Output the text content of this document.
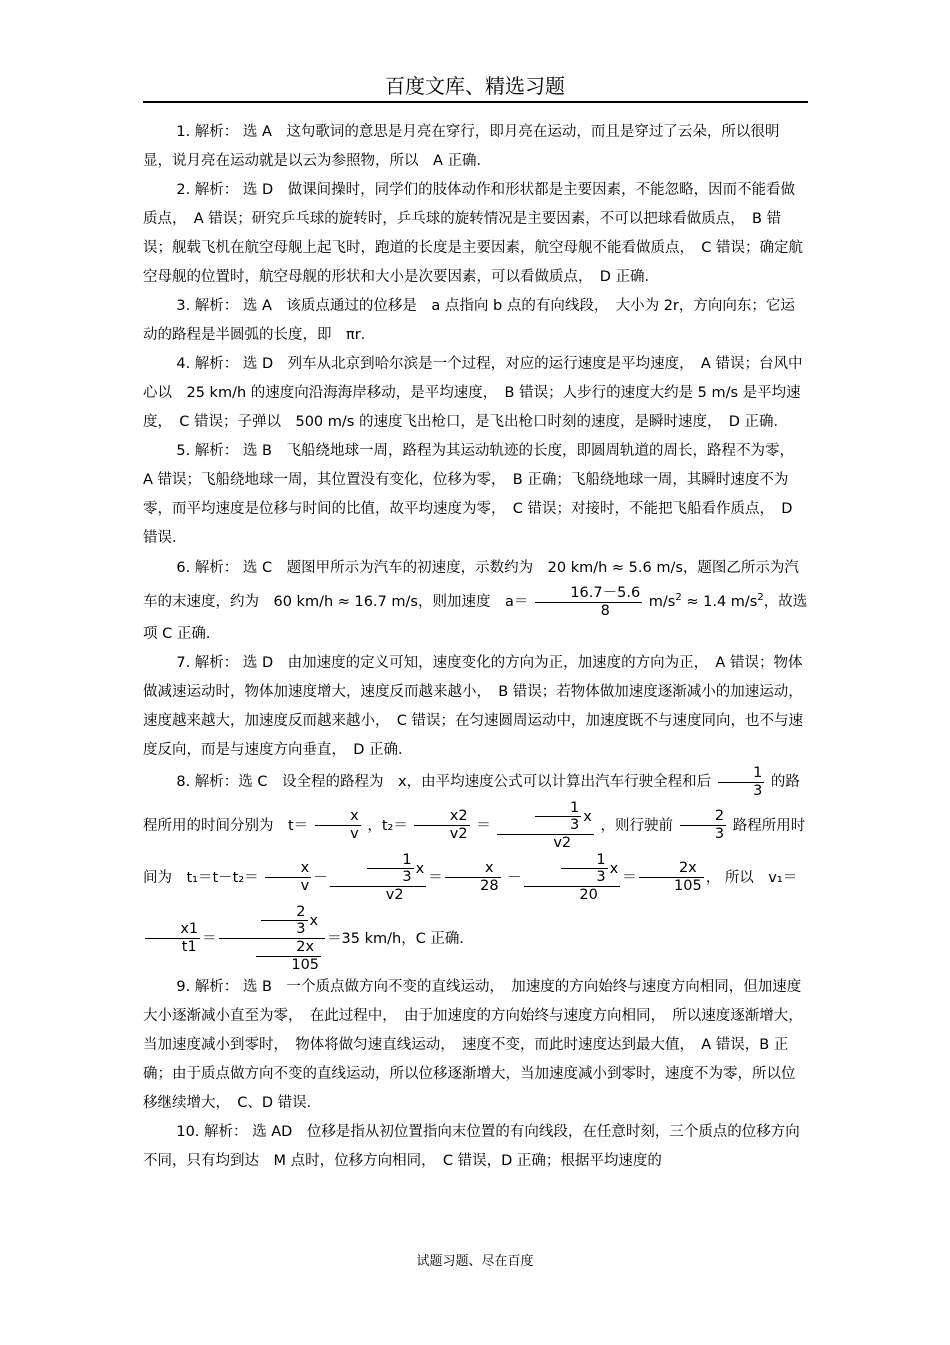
百度文库、精选习题

1. 解析： 选 A　这句歌词的意思是月亮在穿行，即月亮在运动，而且是穿过了云朵，所以很明显，说月亮在运动就是以云为参照物，所以　A 正确．

2. 解析： 选 D　做课间操时，同学们的肢体动作和形状都是主要因素，不能忽略，因而不能看做质点，　A 错误；研究乒乓球的旋转时，乒乓球的旋转情况是主要因素，不可以把球看做质点，　B 错误；舰载飞机在航空母舰上起飞时，跑道的长度是主要因素，航空母舰不能看做质点，　C 错误；确定航空母舰的位置时，航空母舰的形状和大小是次要因素，可以看做质点，　D 正确．

3. 解析： 选 A　该质点通过的位移是　a 点指向 b 点的有向线段，　大小为 2r，方向向东；它运动的路程是半圆弧的长度，即　πr．

4. 解析： 选 D　列车从北京到哈尔滨是一个过程，对应的运行速度是平均速度，　A 错误；台风中心以　25 km/h 的速度向沿海海岸移动，是平均速度，　B 错误；人步行的速度大约是 5 m/s 是平均速度，　C 错误；子弹以　500 m/s 的速度飞出枪口，是飞出枪口时刻的速度，是瞬时速度，　D 正确．

5. 解析： 选 B　飞船绕地球一周，路程为其运动轨迹的长度，即圆周轨道的周长，路程不为零，　A 错误；飞船绕地球一周，其位置没有变化，位移为零，　B 正确；飞船绕地球一周，其瞬时速度不为零，而平均速度是位移与时间的比值，故平均速度为零，　C 错误；对接时，不能把飞船看作质点，　D 错误．

6. 解析： 选 C　题图甲所示为汽车的初速度，示数约为　20 km/h ≈ 5.6 m/s，题图乙所示为汽车的末速度，约为　60 km/h ≈ 16.7 m/s，则加速度　$a= \frac{16.7-5.6}{8} m/s^2 \approx 1.4$ $m/s^2$，故选项 C 正确．

7. 解析： 选 D　由加速度的定义可知，速度变化的方向为正，加速度的方向为正，　A 错误；物体做减速运动时，物体加速度增大，速度反而越来越小，　B 错误；若物体做加速度逐渐减小的加速运动，速度越来越大，加速度反而越来越小，　C 错误；在匀速圆周运动中，加速度既不与速度同向，也不与速度反向，而是与速度方向垂直，　D 正确．

8. 解析：选 C　设全程的路程为　x，由平均速度公式可以计算出汽车行驶全程和后 $\frac{1}{3}$ 的路程所用的时间分别为　$t= \frac{x}{v}$ ，$t_2= \frac{x2}{v2} = \frac{\frac{1}{3} x}{v2}$ ，则行驶前 $\frac{2}{3}$ 路程所用时间为　$t_1=t-t_2= \frac{x}{v} - \frac{\frac{1}{3} x}{v2} = \frac{x}{28} - \frac{\frac{1}{3} x}{20} = \frac{2x}{105}$ ， 所以　v₁＝
$\frac{x1}{t1} = \frac{\frac{2}{3} x}{\frac{2x}{105}} =35$ km/h，C 正确．

9. 解析： 选 B　一个质点做方向不变的直线运动，　加速度的方向始终与速度方向相同，但加速度大小逐渐减小直至为零，　在此过程中，　由于加速度的方向始终与速度方向相同，　所以速度逐渐增大，当加速度减小到零时，　物体将做匀速直线运动，　速度不变，而此时速度达到最大值，　A 错误，B 正确；由于质点做方向不变的直线运动，所以位移逐渐增大，当加速度减小到零时，速度不为零，所以位移继续增大，　C、D 错误．

10. 解析： 选 AD　位移是指从初位置指向末位置的有向线段，在任意时刻，三个质点的位移方向不同，只有均到达　M 点时，位移方向相同，　C 错误，D 正确；根据平均速度的

试题习题、尽在百度
